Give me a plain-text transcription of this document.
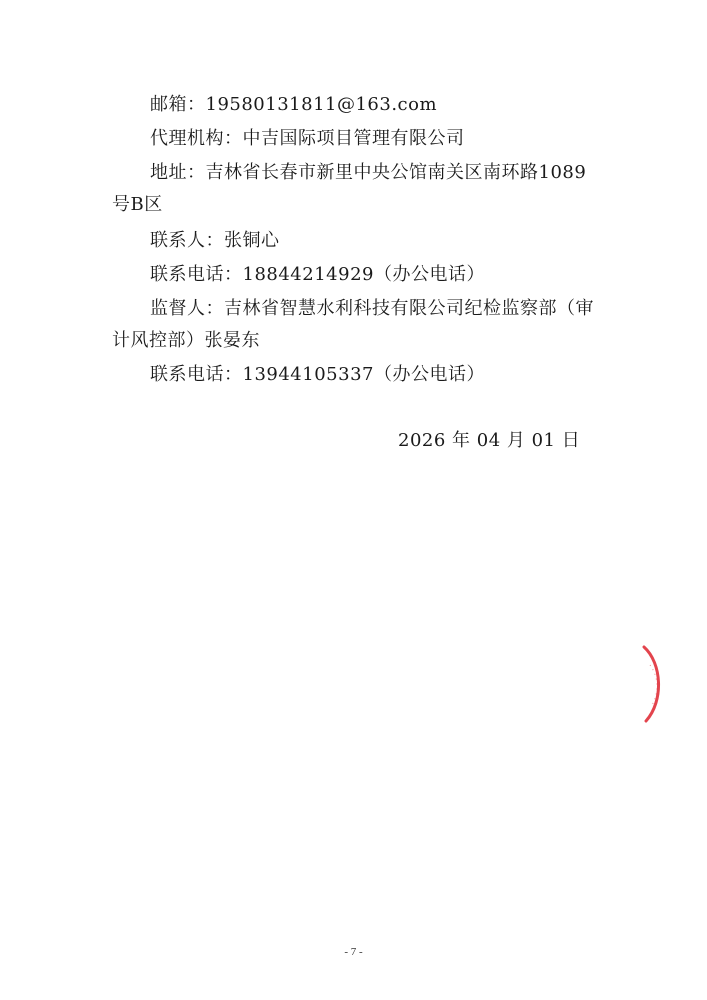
邮箱：19580131811@163.com
代理机构：中吉国际项目管理有限公司
地址：吉林省长春市新里中央公馆南关区南环路1089
号B区
联系人：张铜心
联系电话：18844214929（办公电话）
监督人：吉林省智慧水利科技有限公司纪检监察部（审
计风控部）张晏东
联系电话：13944105337（办公电话）
2026 年 04 月 01 日
- 7 -
